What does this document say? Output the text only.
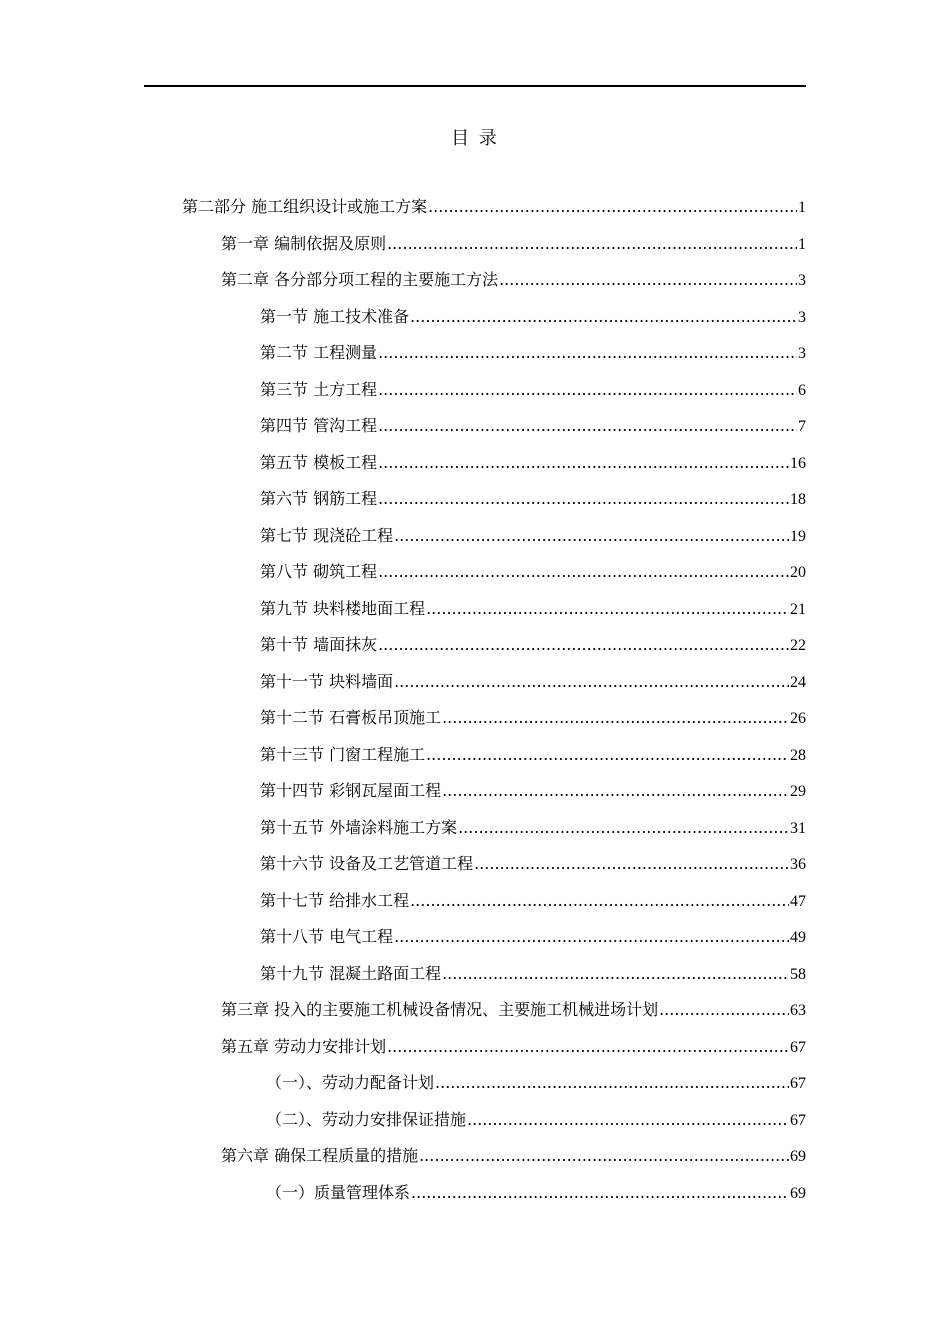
目 录
第二部分 施工组织设计或施工方案 .....	1
第一章 编制依据及原则 .....	1
第二章 各分部分项工程的主要施工方法 .....	3
第一节 施工技术准备 .....	3
第二节 工程测量 .....	3
第三节 土方工程 .....	6
第四节 管沟工程 .....	7
第五节 模板工程 .....	16
第六节 钢筋工程 .....	18
第七节 现浇砼工程 .....	19
第八节 砌筑工程 .....	20
第九节 块料楼地面工程 .....	21
第十节 墙面抹灰 .....	22
第十一节 块料墙面 .....	24
第十二节 石膏板吊顶施工 .....	26
第十三节 门窗工程施工 .....	28
第十四节 彩钢瓦屋面工程 .....	29
第十五节 外墙涂料施工方案 .....	31
第十六节 设备及工艺管道工程 .....	36
第十七节 给排水工程 .....	47
第十八节 电气工程 .....	49
第十九节 混凝土路面工程 .....	58
第三章 投入的主要施工机械设备情况、主要施工机械进场计划 .....	63
第五章 劳动力安排计划 .....	67
（一）、劳动力配备计划 .....	67
（二）、劳动力安排保证措施 .....	67
第六章 确保工程质量的措施 .....	69
（一）质量管理体系 .....	69
